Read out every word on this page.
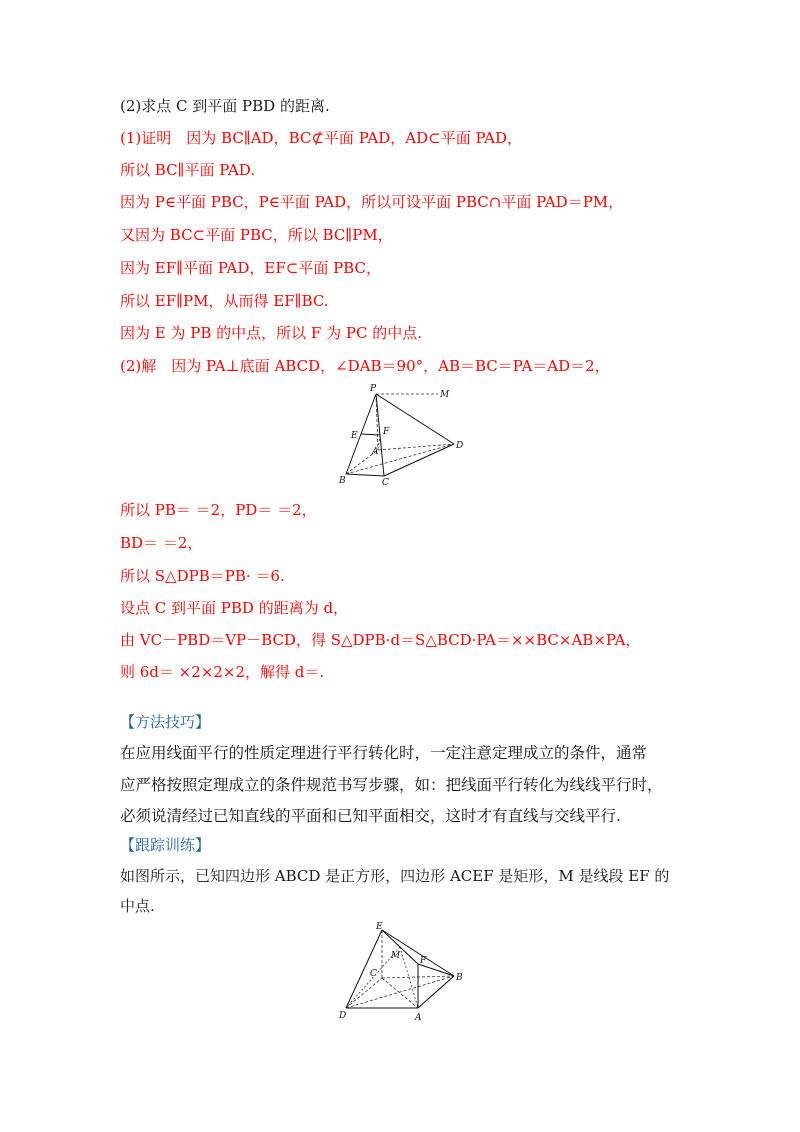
(2)求点 C 到平面 PBD 的距离.
(1)证明　因为 BC∥AD，BC⊄平面 PAD，AD⊂平面 PAD，
所以 BC∥平面 PAD.
因为 P∈平面 PBC，P∈平面 PAD，所以可设平面 PBC∩平面 PAD＝PM，
又因为 BC⊂平面 PBC，所以 BC∥PM，
因为 EF∥平面 PAD，EF⊂平面 PBC，
所以 EF∥PM，从而得 EF∥BC.
因为 E 为 PB 的中点，所以 F 为 PC 的中点.
(2)解　因为 PA⊥底面 ABCD，∠DAB＝90°，AB＝BC＝PA＝AD＝2，
P
M
E	F
A
D
B	C
所以 PB＝ ＝2，PD＝ ＝2，
BD＝ ＝2，
所以 S△DPB＝PB· ＝6.
设点 C 到平面 PBD 的距离为 d，
由 VC－PBD＝VP－BCD，得 S△DPB·d＝S△BCD·PA＝××BC×AB×PA，
则 6d＝ ×2×2×2，解得 d＝.
【方法技巧】
在应用线面平行的性质定理进行平行转化时，一定注意定理成立的条件，通常
应严格按照定理成立的条件规范书写步骤，如：把线面平行转化为线线平行时，
必须说清经过已知直线的平面和已知平面相交，这时才有直线与交线平行.
【跟踪训练】
如图所示，已知四边形 ABCD 是正方形，四边形 ACEF 是矩形，M 是线段 EF 的
中点.
E
M F
C	B
D	A
